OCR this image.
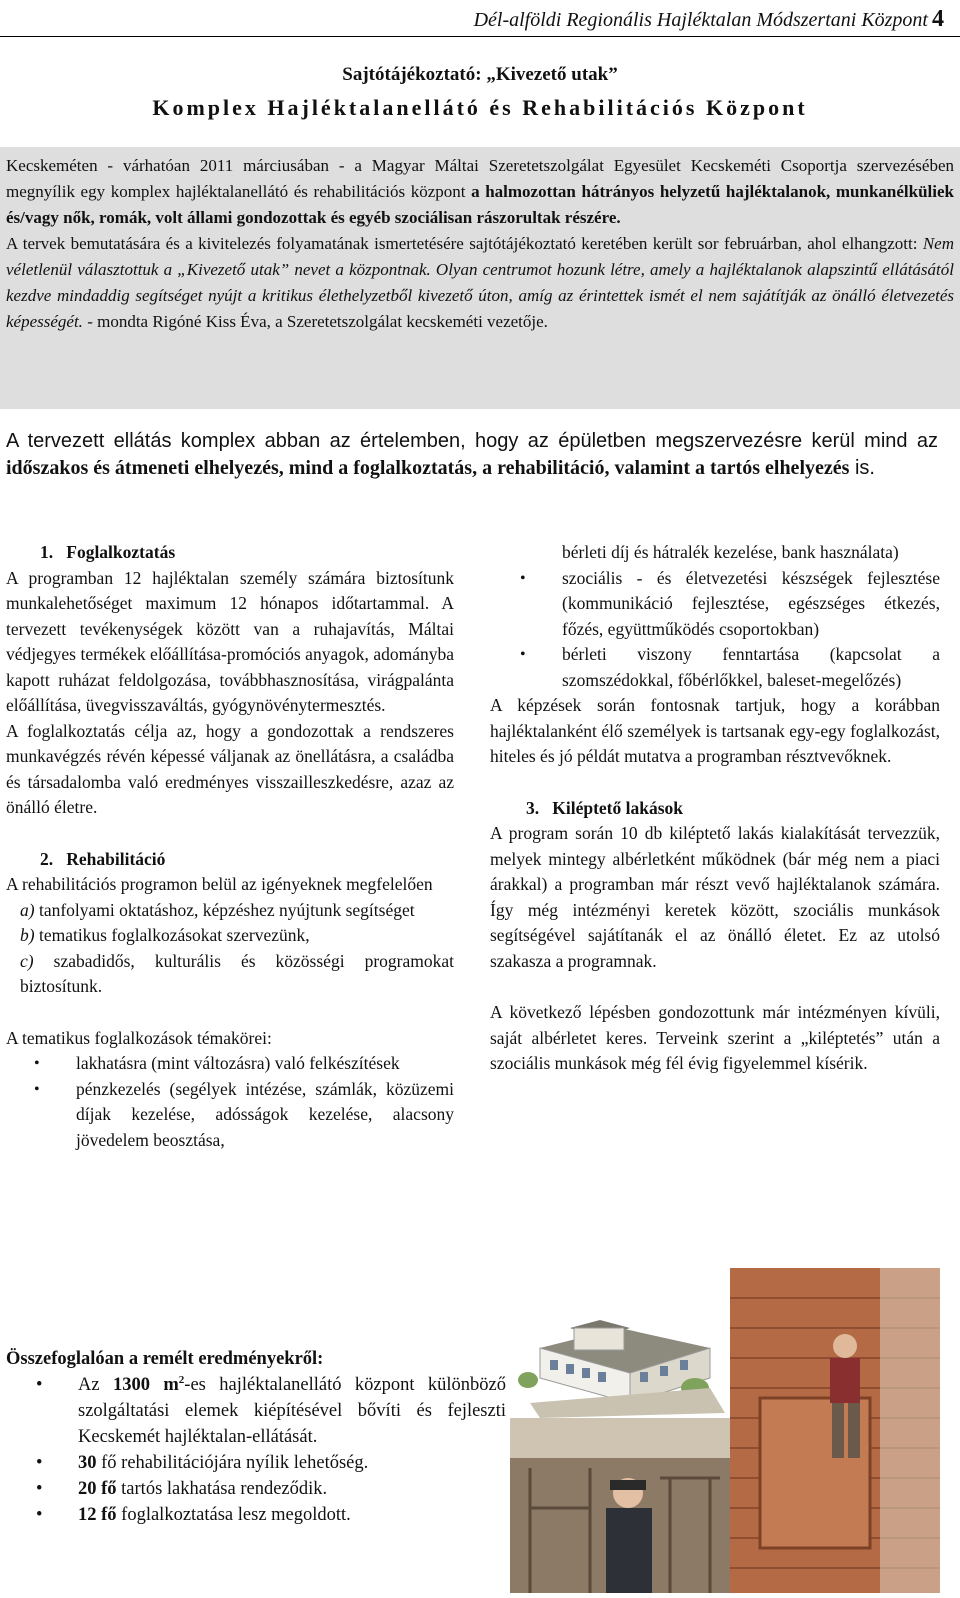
Dél-alföldi Regionális Hajléktalan Módszertani Központ 4
Sajtótájékoztató: „Kivezető utak”
Komplex Hajléktalanellátó és Rehabilitációs Központ

Kecskeméten - várhatóan 2011 márciusában - a Magyar Máltai Szeretetszolgálat Egyesület Kecskeméti Csoportja szervezésében megnyílik egy komplex hajléktalanellátó és rehabilitációs központ a halmozottan hátrányos helyzetű hajléktalanok, munkanélküliek és/vagy nők, romák, volt állami gondozottak és egyéb szociálisan rászorultak részére.

A tervek bemutatására és a kivitelezés folyamatának ismertetésére sajtótájékoztató keretében került sor februárban, ahol elhangzott: Nem véletlenül választottuk a „Kivezető utak” nevet a központnak. Olyan centrumot hozunk létre, amely a hajléktalanok alapszintű ellátásától kezdve mindaddig segítséget nyújt a kritikus élethelyzetből kivezető úton, amíg az érintettek ismét el nem sajátítják az önálló életvezetés képességét. - mondta Rigóné Kiss Éva, a Szeretetszolgálat kecskeméti vezetője.

A tervezett ellátás komplex abban az értelemben, hogy az épületben megszervezésre kerül mind az időszakos és átmeneti elhelyezés, mind a foglalkoztatás, a rehabilitáció, valamint a tartós elhelyezés is.

1.   Foglalkoztatás

A programban 12 hajléktalan személy számára biztosítunk munkalehetőséget maximum 12 hónapos időtartammal. A tervezett tevékenységek között van a ruhajavítás, Máltai védjegyes termékek előállítása-promóciós anyagok, adományba kapott ruházat feldolgozása, továbbhasznosítása, virágpalánta előállítása, üvegvisszaváltás, gyógynövénytermesztés.

A foglalkoztatás célja az, hogy a gondozottak a rendszeres munkavégzés révén képessé váljanak az önellátásra, a családba és társadalomba való eredményes visszailleszkedésre, azaz az önálló életre.

2.   Rehabilitáció

A rehabilitációs programon belül az igényeknek megfelelően

a) tanfolyami oktatáshoz, képzéshez nyújtunk segítséget

b) tematikus foglalkozásokat szervezünk,

c) szabadidős, kulturális és közösségi programokat biztosítunk.

A tematikus foglalkozások témakörei:

• lakhatásra (mint változásra) való felkészítések
• pénzkezelés (segélyek intézése, számlák, közüzemi díjak kezelése, adósságok kezelése, alacsony jövedelem beosztása,

bérleti díj és hátralék kezelése, bank használata)

• szociális - és életvezetési készségek fejlesztése (kommunikáció fejlesztése, egészséges étkezés, főzés, együttműködés csoportokban)
• bérleti viszony fenntartása (kapcsolat a szomszédokkal, főbérlőkkel, baleset-megelőzés)

A képzések során fontosnak tartjuk, hogy a korábban hajléktalanként élő személyek is tartsanak egy-egy foglalkozást, hiteles és jó példát mutatva a programban résztvevőknek.

3.   Kiléptető lakások

A program során 10 db kiléptető lakás kialakítását tervezzük, melyek mintegy albérletként működnek (bár még nem a piaci árakkal) a programban már részt vevő hajléktalanok számára. Így még intézményi keretek között, szociális munkások segítségével sajátítanák el az önálló életet. Ez az utolsó szakasza a programnak.

A következő lépésben gondozottunk már intézményen kívüli, saját albérletet keres. Terveink szerint a „kiléptetés” után a szociális munkások még fél évig figyelemmel kísérik.

Összefoglalóan a remélt eredményekről:
• Az 1300 $m^2-es$ hajléktalanellátó központ különböző szolgáltatási elemek kiépítésével bővíti és fejleszti Kecskemét hajléktalan-ellátását.
• 30 fő rehabilitációjára nyílik lehetőség.
• 20 fő tartós lakhatása rendeződik.
• 12 fő foglalkoztatása lesz megoldott.
